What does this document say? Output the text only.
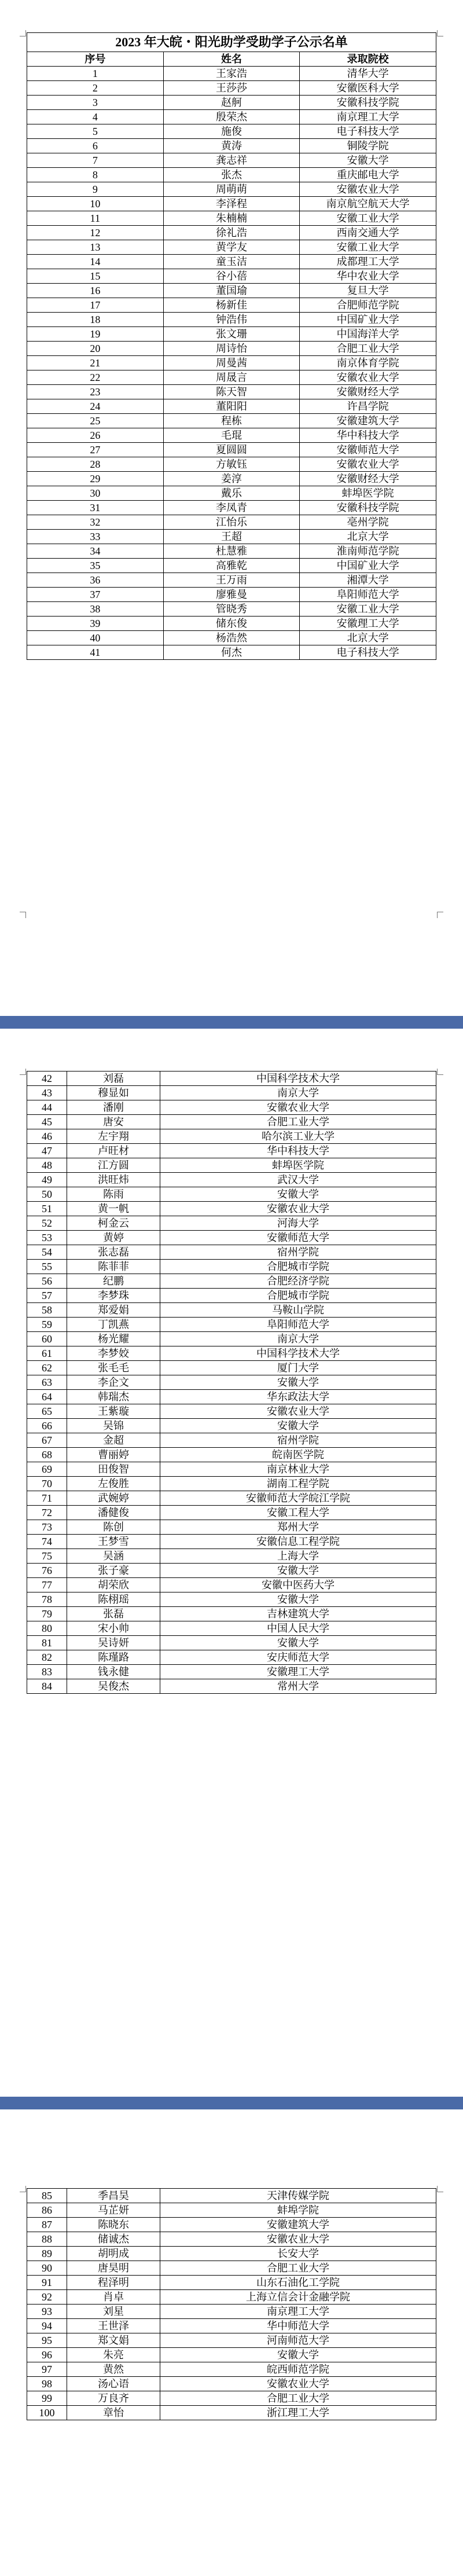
2023 年大皖・阳光助学受助学子公示名单		
序号	姓名	录取院校
1	王家浩	清华大学
2	王莎莎	安徽医科大学
3	赵舸	安徽科技学院
4	殷荣杰	南京理工大学
5	施俊	电子科技大学
6	黄涛	铜陵学院
7	龚志祥	安徽大学
8	张杰	重庆邮电大学
9	周萌萌	安徽农业大学
10	李泽程	南京航空航天大学
11	朱楠楠	安徽工业大学
12	徐礼浩	西南交通大学
13	黄学友	安徽工业大学
14	童玉洁	成都理工大学
15	谷小蓓	华中农业大学
16	董国瑜	复旦大学
17	杨新佳	合肥师范学院
18	钟浩伟	中国矿业大学
19	张文珊	中国海洋大学
20	周诗怡	合肥工业大学
21	周曼茜	南京体育学院
22	周晟言	安徽农业大学
23	陈天智	安徽财经大学
24	董阳阳	许昌学院
25	程栋	安徽建筑大学
26	毛琨	华中科技大学
27	夏圆圆	安徽师范大学
28	方敏钰	安徽农业大学
29	姜淳	安徽财经大学
30	戴乐	蚌埠医学院
31	李凤青	安徽科技学院
32	江怡乐	亳州学院
33	王超	北京大学
34	杜慧雅	淮南师范学院
35	高雅乾	中国矿业大学
36	王万雨	湘潭大学
37	廖雅曼	阜阳师范大学
38	管晓秀	安徽工业大学
39	储东俊	安徽理工大学
40	杨浩然	北京大学
41	何杰	电子科技大学
42	刘磊	中国科学技术大学
43	穆显如	南京大学
44	潘刚	安徽农业大学
45	唐安	合肥工业大学
46	左宇翔	哈尔滨工业大学
47	卢旺材	华中科技大学
48	江方圆	蚌埠医学院
49	洪旺炜	武汉大学
50	陈雨	安徽大学
51	黄一帆	安徽农业大学
52	柯金云	河海大学
53	黄婷	安徽师范大学
54	张志磊	宿州学院
55	陈菲菲	合肥城市学院
56	纪鹏	合肥经济学院
57	李梦珠	合肥城市学院
58	郑爱娟	马鞍山学院
59	丁凯燕	阜阳师范大学
60	杨光耀	南京大学
61	李梦姣	中国科学技术大学
62	张毛毛	厦门大学
63	李企文	安徽大学
64	韩瑞杰	华东政法大学
65	王紫璇	安徽农业大学
66	吴锦	安徽大学
67	金超	宿州学院
68	曹丽婷	皖南医学院
69	田俊智	南京林业大学
70	左俊胜	湖南工程学院
71	武婉婷	安徽师范大学皖江学院
72	潘健俊	安徽工程大学
73	陈创	郑州大学
74	王梦雪	安徽信息工程学院
75	吴涵	上海大学
76	张子豪	安徽大学
77	胡荣欣	安徽中医药大学
78	陈栩瑶	安徽大学
79	张磊	吉林建筑大学
80	宋小帅	中国人民大学
81	吴诗妍	安徽大学
82	陈瑾路	安庆师范大学
83	钱永健	安徽理工大学
84	吴俊杰	常州大学
85	季昌昊	天津传媒学院
86	马芷妍	蚌埠学院
87	陈晓东	安徽建筑大学
88	储诚杰	安徽农业大学
89	胡明成	长安大学
90	唐昊明	合肥工业大学
91	程泽明	山东石油化工学院
92	肖卓	上海立信会计金融学院
93	刘星	南京理工大学
94	王世泽	华中师范大学
95	郑文娟	河南师范大学
96	朱亮	安徽大学
97	黄然	皖西师范学院
98	汤心语	安徽农业大学
99	万良齐	合肥工业大学
100	章怡	浙江理工大学
